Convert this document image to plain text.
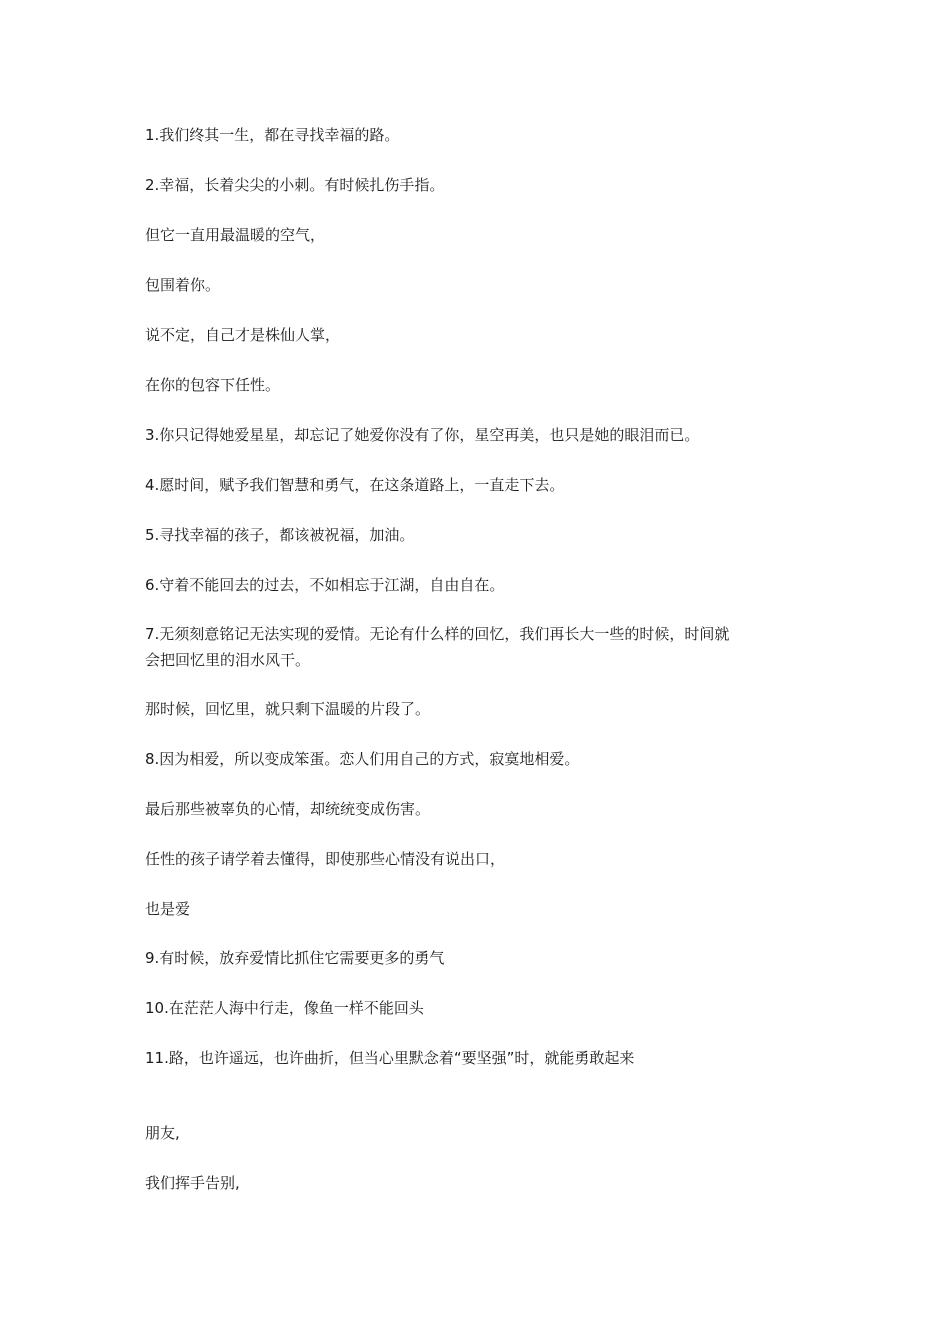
1.我们终其一生，都在寻找幸福的路。
2.幸福，长着尖尖的小刺。有时候扎伤手指。
但它一直用最温暖的空气，
包围着你。
说不定，自己才是株仙人掌，
在你的包容下任性。
3.你只记得她爱星星，却忘记了她爱你没有了你，星空再美，也只是她的眼泪而已。
4.愿时间，赋予我们智慧和勇气，在这条道路上，一直走下去。
5.寻找幸福的孩子，都该被祝福，加油。
6.守着不能回去的过去，不如相忘于江湖，自由自在。
7.无须刻意铭记无法实现的爱情。无论有什么样的回忆，我们再长大一些的时候，时间就
会把回忆里的泪水风干。
那时候，回忆里，就只剩下温暖的片段了。
8.因为相爱，所以变成笨蛋。恋人们用自己的方式，寂寞地相爱。
最后那些被辜负的心情，却统统变成伤害。
任性的孩子请学着去懂得，即使那些心情没有说出口，
也是爱
9.有时候，放弃爱情比抓住它需要更多的勇气
10.在茫茫人海中行走，像鱼一样不能回头
11.路，也许遥远，也许曲折，但当心里默念着“要坚强”时，就能勇敢起来
朋友,
我们挥手告别,
